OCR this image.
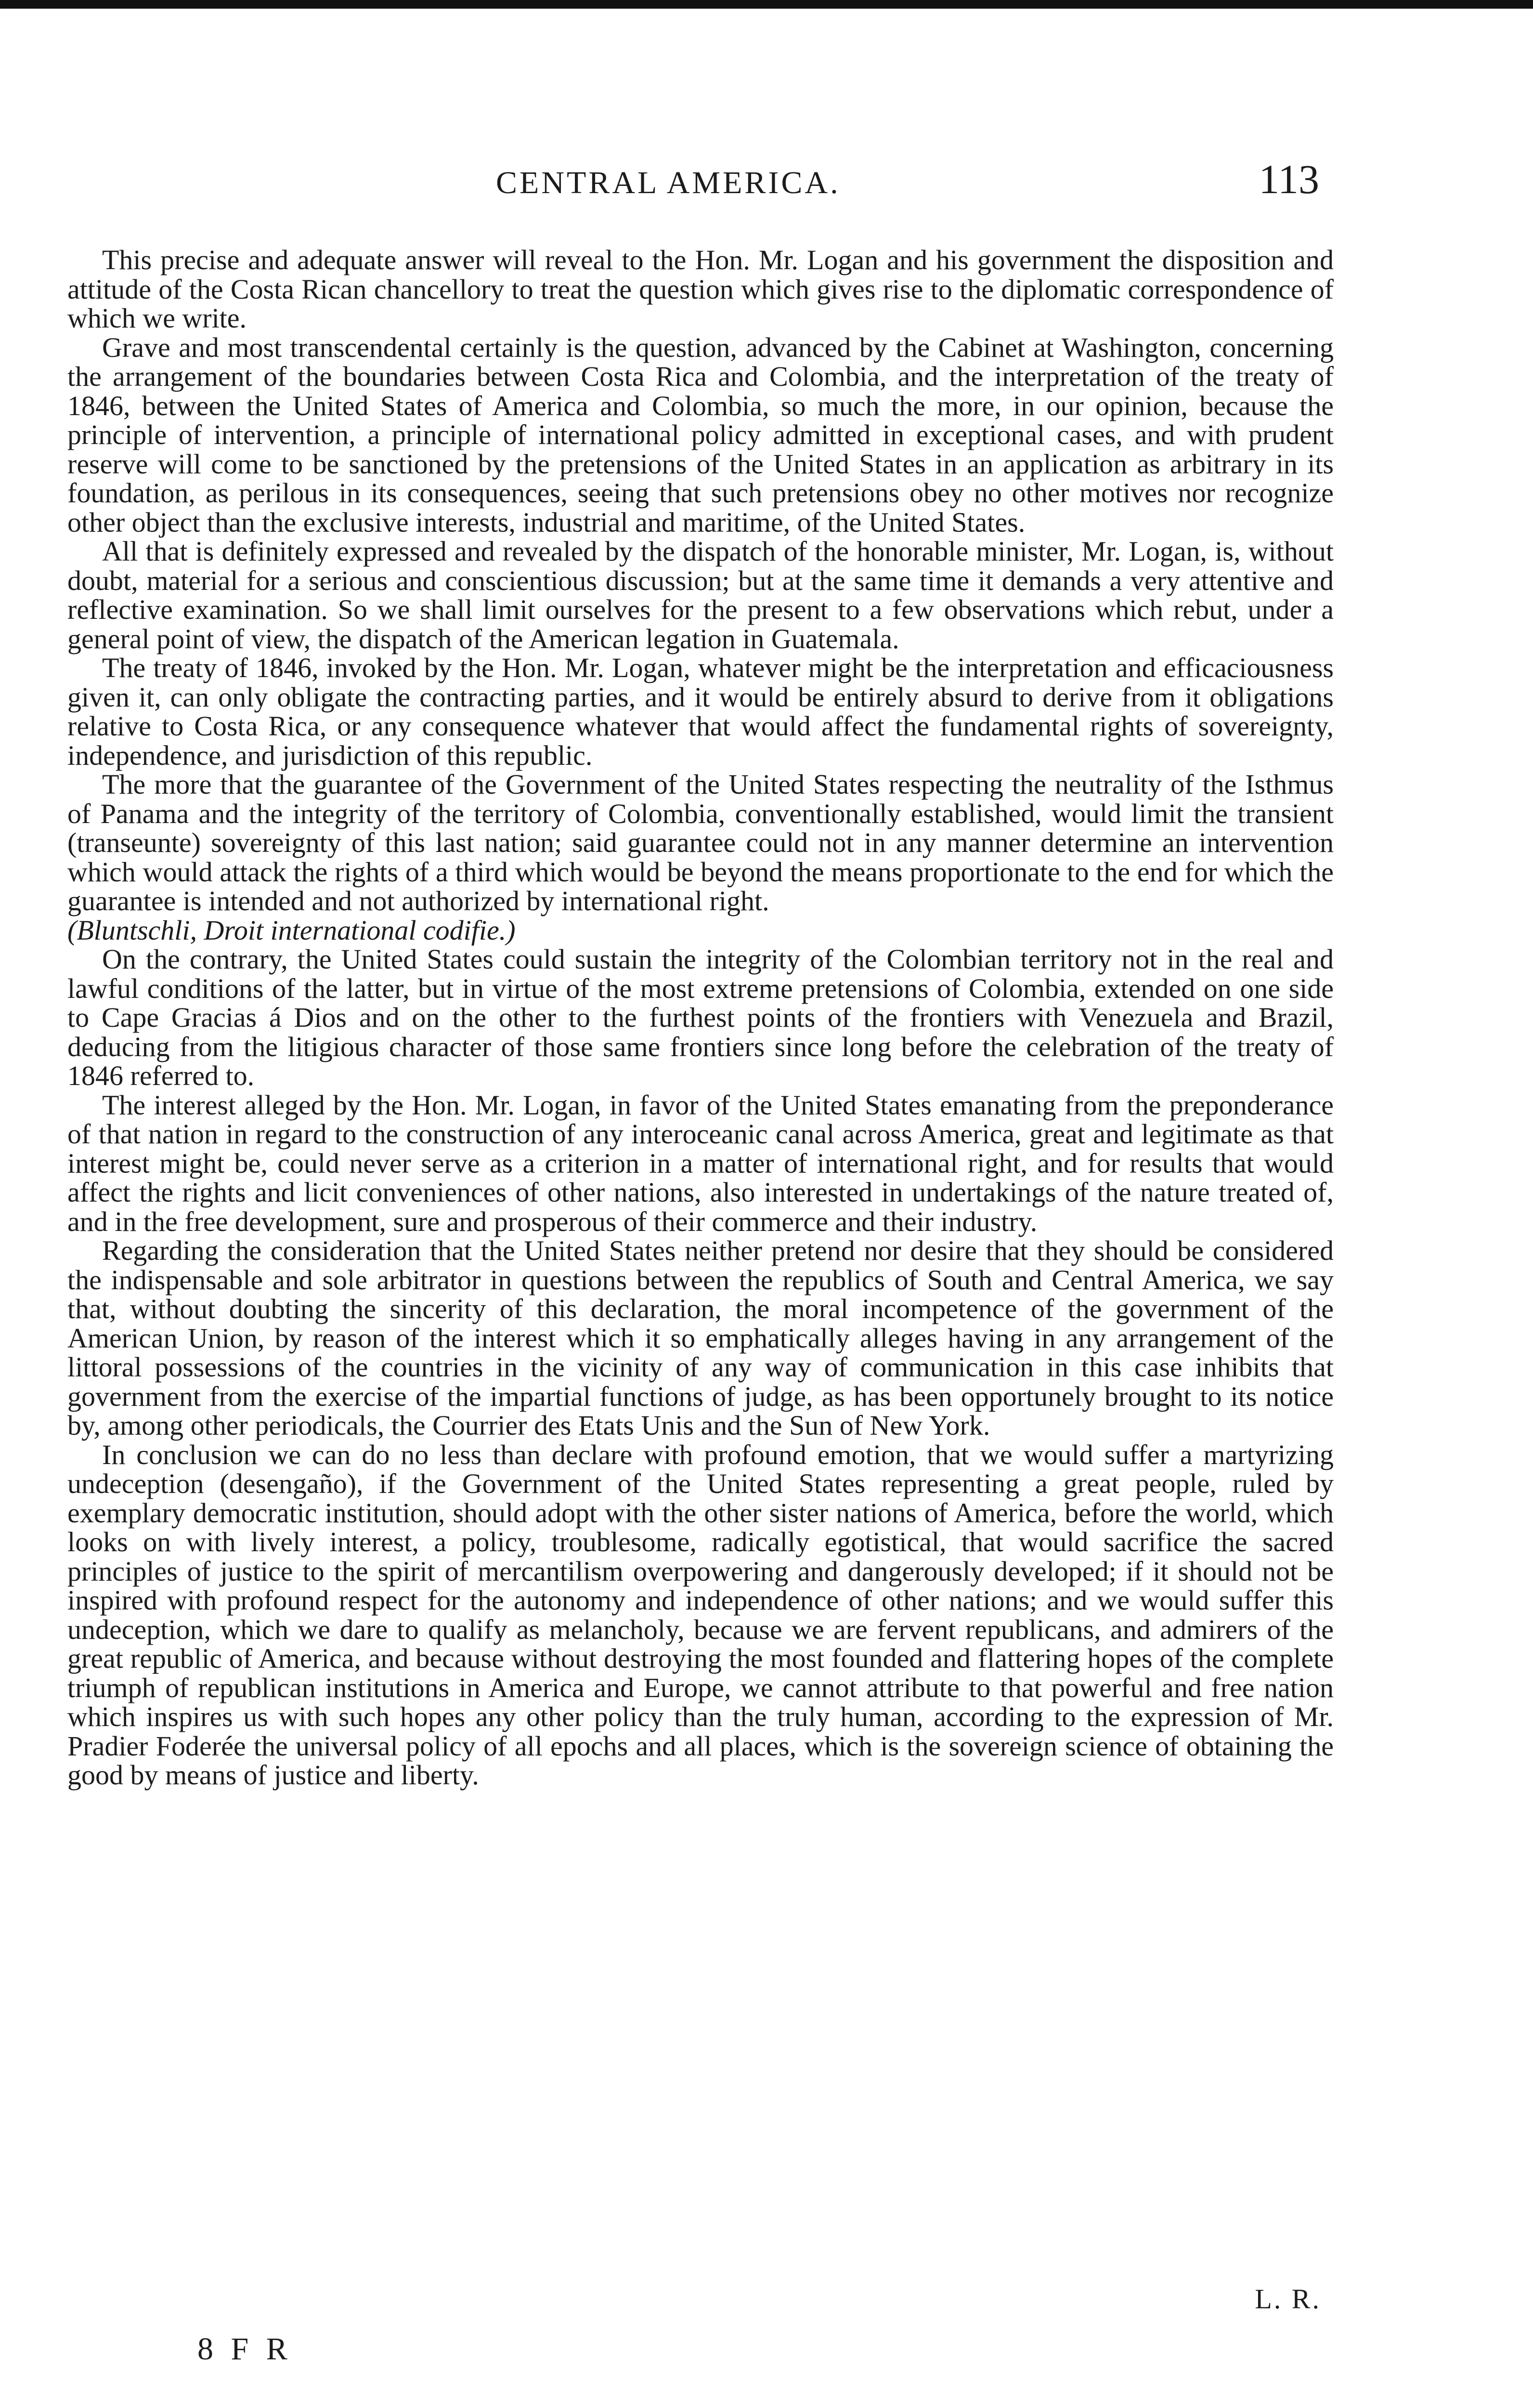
CENTRAL AMERICA.	113

This precise and adequate answer will reveal to the Hon. Mr. Logan and his government the disposition and attitude of the Costa Rican chancellory to treat the question which gives rise to the diplomatic correspondence of which we write.

Grave and most transcendental certainly is the question, advanced by the Cabinet at Washington, concerning the arrangement of the boundaries between Costa Rica and Colombia, and the interpretation of the treaty of 1846, between the United States of America and Colombia, so much the more, in our opinion, because the principle of intervention, a principle of international policy admitted in exceptional cases, and with prudent reserve will come to be sanctioned by the pretensions of the United States in an application as arbitrary in its foundation, as perilous in its consequences, seeing that such pretensions obey no other motives nor recognize other object than the exclusive interests, industrial and maritime, of the United States.

All that is definitely expressed and revealed by the dispatch of the honorable minister, Mr. Logan, is, without doubt, material for a serious and conscientious discussion; but at the same time it demands a very attentive and reflective examination. So we shall limit ourselves for the present to a few observations which rebut, under a general point of view, the dispatch of the American legation in Guatemala.

The treaty of 1846, invoked by the Hon. Mr. Logan, whatever might be the interpretation and efficaciousness given it, can only obligate the contracting parties, and it would be entirely absurd to derive from it obligations relative to Costa Rica, or any consequence whatever that would affect the fundamental rights of sovereignty, independence, and jurisdiction of this republic.

The more that the guarantee of the Government of the United States respecting the neutrality of the Isthmus of Panama and the integrity of the territory of Colombia, conventionally established, would limit the transient (transeunte) sovereignty of this last nation; said guarantee could not in any manner determine an intervention which would attack the rights of a third which would be beyond the means proportionate to the end for which the guarantee is intended and not authorized by international right.

(Bluntschli, Droit international codifie.)

On the contrary, the United States could sustain the integrity of the Colombian territory not in the real and lawful conditions of the latter, but in virtue of the most extreme pretensions of Colombia, extended on one side to Cape Gracias á Dios and on the other to the furthest points of the frontiers with Venezuela and Brazil, deducing from the litigious character of those same frontiers since long before the celebration of the treaty of 1846 referred to.

The interest alleged by the Hon. Mr. Logan, in favor of the United States emanating from the preponderance of that nation in regard to the construction of any interoceanic canal across America, great and legitimate as that interest might be, could never serve as a criterion in a matter of international right, and for results that would affect the rights and licit conveniences of other nations, also interested in undertakings of the nature treated of, and in the free development, sure and prosperous of their commerce and their industry.

Regarding the consideration that the United States neither pretend nor desire that they should be considered the indispensable and sole arbitrator in questions between the republics of South and Central America, we say that, without doubting the sincerity of this declaration, the moral incompetence of the government of the American Union, by reason of the interest which it so emphatically alleges having in any arrangement of the littoral possessions of the countries in the vicinity of any way of communication in this case inhibits that government from the exercise of the impartial functions of judge, as has been opportunely brought to its notice by, among other periodicals, the Courrier des Etats Unis and the Sun of New York.

In conclusion we can do no less than declare with profound emotion, that we would suffer a martyrizing undeception (desengaño), if the Government of the United States representing a great people, ruled by exemplary democratic institution, should adopt with the other sister nations of America, before the world, which looks on with lively interest, a policy, troublesome, radically egotistical, that would sacrifice the sacred principles of justice to the spirit of mercantilism overpowering and dangerously developed; if it should not be inspired with profound respect for the autonomy and independence of other nations; and we would suffer this undeception, which we dare to qualify as melancholy, because we are fervent republicans, and admirers of the great republic of America, and because without destroying the most founded and flattering hopes of the complete triumph of republican institutions in America and Europe, we cannot attribute to that powerful and free nation which inspires us with such hopes any other policy than the truly human, according to the expression of Mr. Pradier Foderée the universal policy of all epochs and all places, which is the sovereign science of obtaining the good by means of justice and liberty.

L. R.
8 F R
